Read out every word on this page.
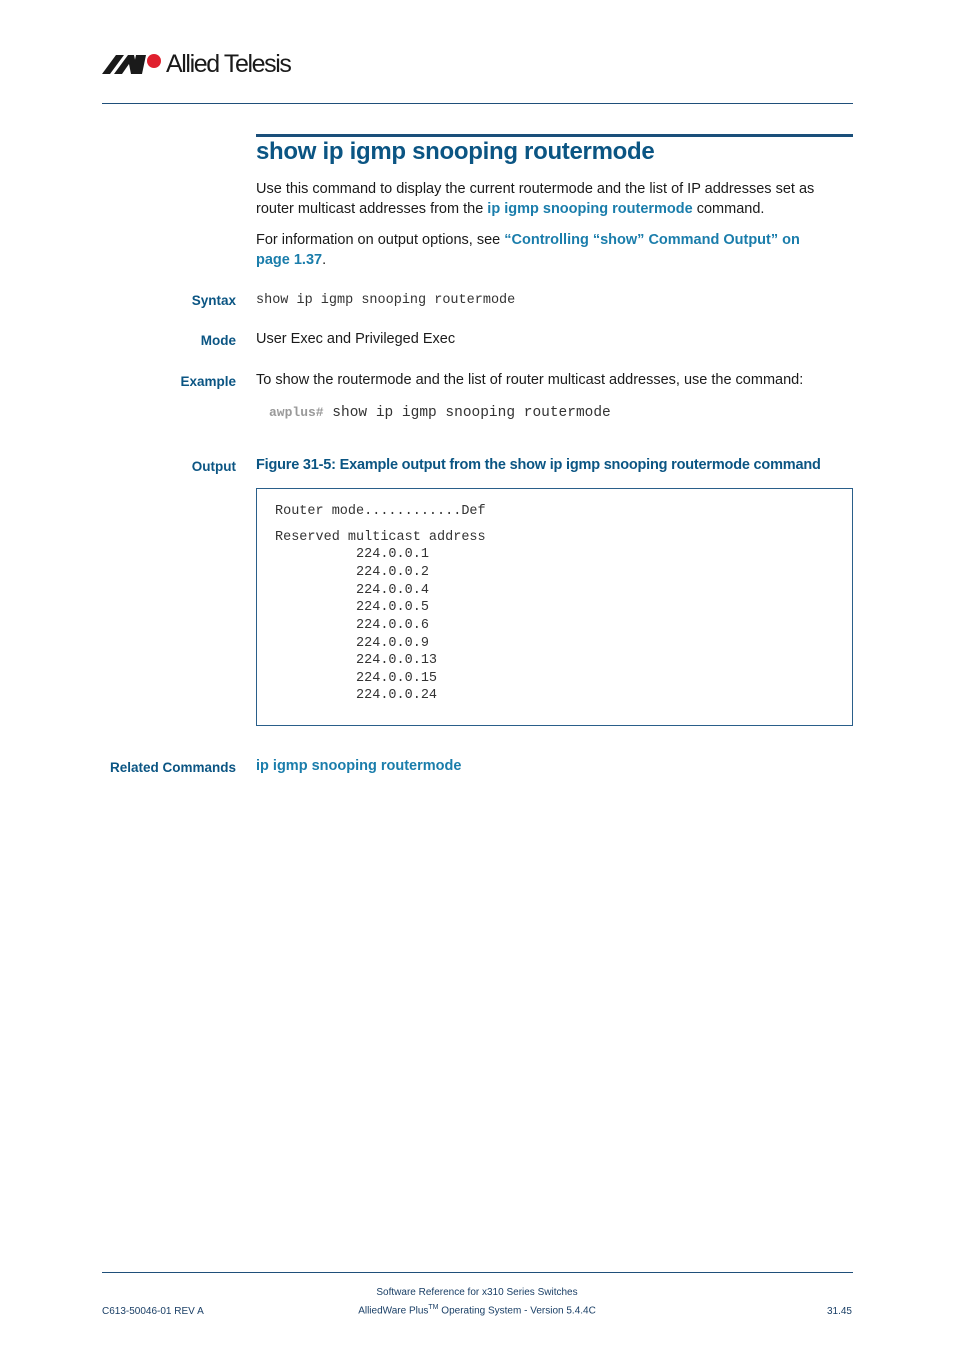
Allied Telesis
show ip igmp snooping routermode

Use this command to display the current routermode and the list of IP addresses set as router multicast addresses from the ip igmp snooping routermode command.

For information on output options, see “Controlling “show” Command Output” on
page 1.37.

Syntax show ip igmp snooping routermode
Mode User Exec and Privileged Exec
Example To show the routermode and the list of router multicast addresses, use the command:
awplus# show ip igmp snooping routermode
Output Figure 31-5: Example output from the show ip igmp snooping routermode command
Router mode............Def
Reserved multicast address
224.0.0.1
224.0.0.2
224.0.0.4
224.0.0.5
224.0.0.6
224.0.0.9
224.0.0.13
224.0.0.15
224.0.0.24
Related Commands ip igmp snooping routermode
Software Reference for x310 Series Switches
C613-50046-01 REV A	AlliedWare Plus™ Operating System - Version 5.4.4C	31.45
